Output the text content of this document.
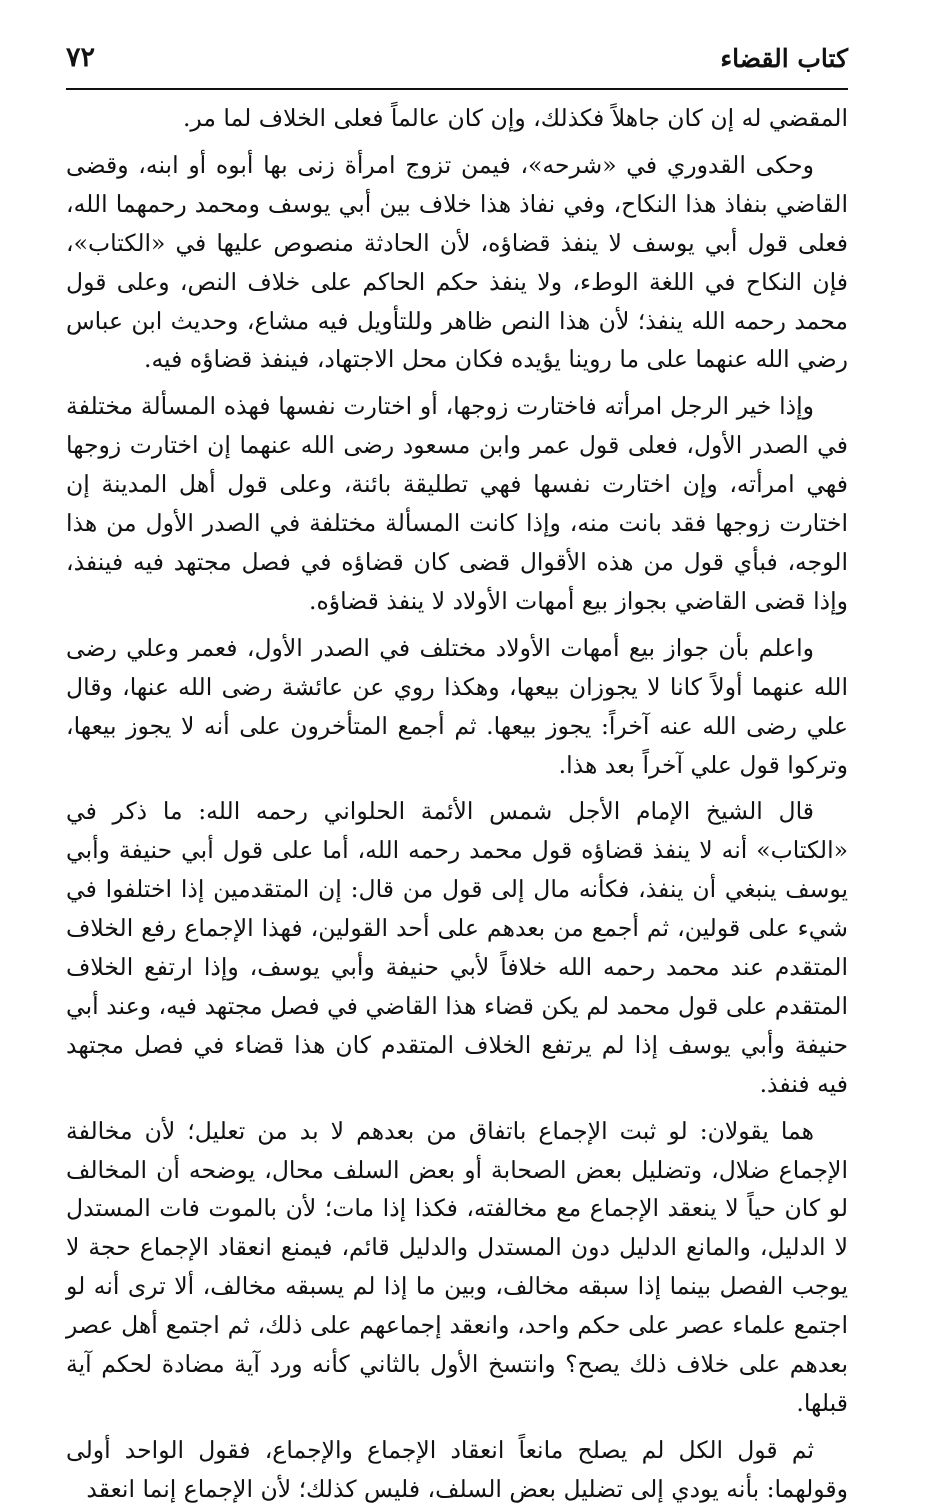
كتاب القضاء
٧٢

المقضي له إن كان جاهلاً فكذلك، وإن كان عالماً فعلى الخلاف لما مر.

وحكى القدوري في «شرحه»، فيمن تزوج امرأة زنى بها أبوه أو ابنه، وقضى القاضي بنفاذ هذا النكاح، وفي نفاذ هذا خلاف بين أبي يوسف ومحمد رحمهما الله، فعلى قول أبي يوسف لا ينفذ قضاؤه، لأن الحادثة منصوص عليها في «الكتاب»، فإن النكاح في اللغة الوطء، ولا ينفذ حكم الحاكم على خلاف النص، وعلى قول محمد رحمه الله ينفذ؛ لأن هذا النص ظاهر وللتأويل فيه مشاع، وحديث ابن عباس رضي الله عنهما على ما روينا يؤيده فكان محل الاجتهاد، فينفذ قضاؤه فيه.

وإذا خير الرجل امرأته فاختارت زوجها، أو اختارت نفسها فهذه المسألة مختلفة في الصدر الأول، فعلى قول عمر وابن مسعود رضى الله عنهما إن اختارت زوجها فهي امرأته، وإن اختارت نفسها فهي تطليقة بائنة، وعلى قول أهل المدينة إن اختارت زوجها فقد بانت منه، وإذا كانت المسألة مختلفة في الصدر الأول من هذا الوجه، فبأي قول من هذه الأقوال قضى كان قضاؤه في فصل مجتهد فيه فينفذ، وإذا قضى القاضي بجواز بيع أمهات الأولاد لا ينفذ قضاؤه.

واعلم بأن جواز بيع أمهات الأولاد مختلف في الصدر الأول، فعمر وعلي رضى الله عنهما أولاً كانا لا يجوزان بيعها، وهكذا روي عن عائشة رضى الله عنها، وقال علي رضى الله عنه آخراً: يجوز بيعها. ثم أجمع المتأخرون على أنه لا يجوز بيعها، وتركوا قول علي آخراً بعد هذا.

قال الشيخ الإمام الأجل شمس الأئمة الحلواني رحمه الله: ما ذكر في «الكتاب» أنه لا ينفذ قضاؤه قول محمد رحمه الله، أما على قول أبي حنيفة وأبي يوسف ينبغي أن ينفذ، فكأنه مال إلى قول من قال: إن المتقدمين إذا اختلفوا في شيء على قولين، ثم أجمع من بعدهم على أحد القولين، فهذا الإجماع رفع الخلاف المتقدم عند محمد رحمه الله خلافاً لأبي حنيفة وأبي يوسف، وإذا ارتفع الخلاف المتقدم على قول محمد لم يكن قضاء هذا القاضي في فصل مجتهد فيه، وعند أبي حنيفة وأبي يوسف إذا لم يرتفع الخلاف المتقدم كان هذا قضاء في فصل مجتهد فيه فنفذ.

هما يقولان: لو ثبت الإجماع باتفاق من بعدهم لا بد من تعليل؛ لأن مخالفة الإجماع ضلال، وتضليل بعض الصحابة أو بعض السلف محال، يوضحه أن المخالف لو كان حياً لا ينعقد الإجماع مع مخالفته، فكذا إذا مات؛ لأن بالموت فات المستدل لا الدليل، والمانع الدليل دون المستدل والدليل قائم، فيمنع انعقاد الإجماع حجة لا يوجب الفصل بينما إذا سبقه مخالف، وبين ما إذا لم يسبقه مخالف، ألا ترى أنه لو اجتمع علماء عصر على حكم واحد، وانعقد إجماعهم على ذلك، ثم اجتمع أهل عصر بعدهم على خلاف ذلك يصح؟ وانتسخ الأول بالثاني كأنه ورد آية مضادة لحكم آية قبلها.

ثم قول الكل لم يصلح مانعاً انعقاد الإجماع والإجماع، فقول الواحد أولى وقولهما: بأنه يودي إلى تضليل بعض السلف، فليس كذلك؛ لأن الإجماع إنما انعقد
